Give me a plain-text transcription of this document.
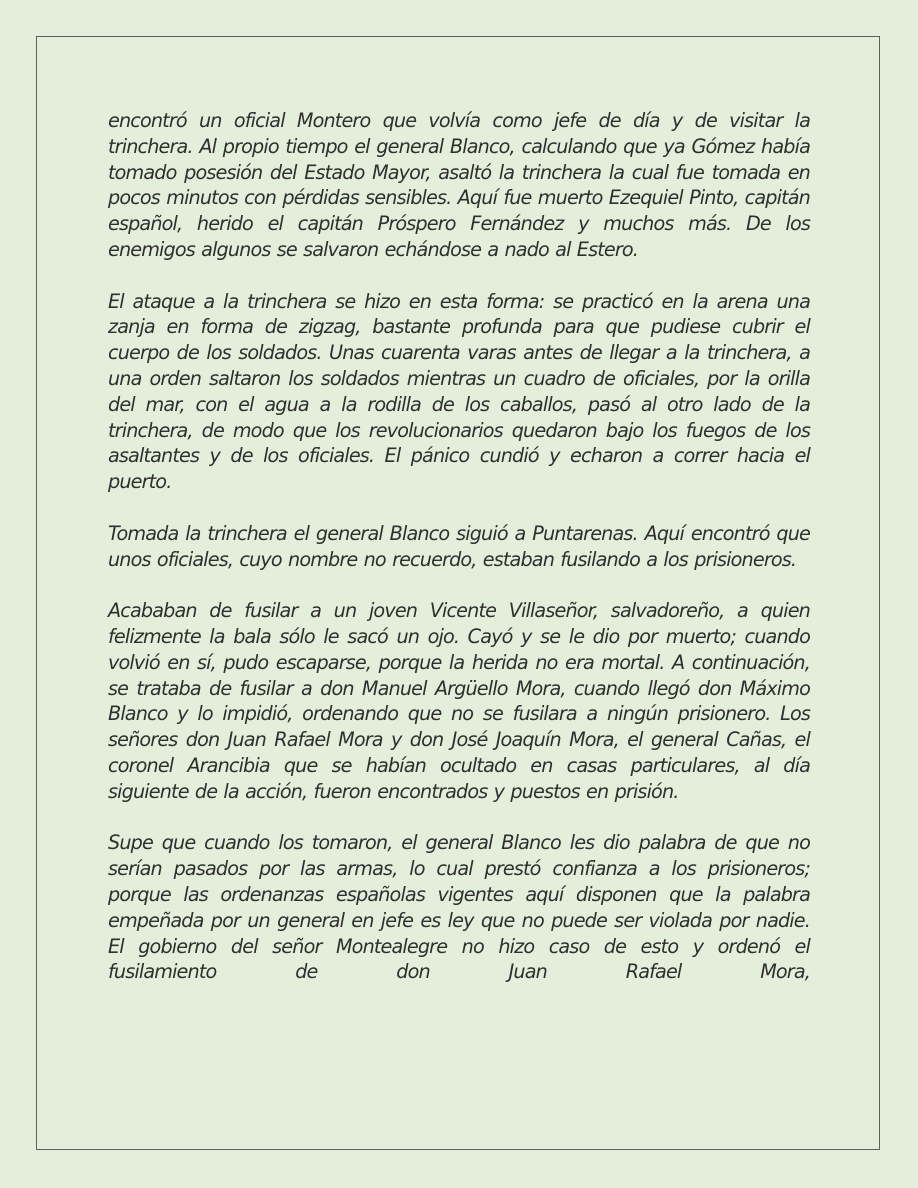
encontró un oficial Montero que volvía como jefe de día y de visitar la trinchera. Al propio tiempo el general Blanco, calculando que ya Gómez había tomado posesión del Estado Mayor, asaltó la trinchera la cual fue tomada en pocos minutos con pérdidas sensibles. Aquí fue muerto Ezequiel Pinto, capitán español, herido el capitán Próspero Fernández y muchos más. De los enemigos algunos se salvaron echándose a nado al Estero.

El ataque a la trinchera se hizo en esta forma: se practicó en la arena una zanja en forma de zigzag, bastante profunda para que pudiese cubrir el cuerpo de los soldados. Unas cuarenta varas antes de llegar a la trinchera, a una orden saltaron los soldados mientras un cuadro de oficiales, por la orilla del mar, con el agua a la rodilla de los caballos, pasó al otro lado de la trinchera, de modo que los revolucionarios quedaron bajo los fuegos de los asaltantes y de los oficiales. El pánico cundió y echaron a correr hacia el puerto.

Tomada la trinchera el general Blanco siguió a Puntarenas. Aquí encontró que unos oficiales, cuyo nombre no recuerdo, estaban fusilando a los prisioneros.

Acababan de fusilar a un joven Vicente Villaseñor, salvadoreño, a quien felizmente la bala sólo le sacó un ojo. Cayó y se le dio por muerto; cuando volvió en sí, pudo escaparse, porque la herida no era mortal. A continuación, se trataba de fusilar a don Manuel Argüello Mora, cuando llegó don Máximo Blanco y lo impidió, ordenando que no se fusilara a ningún prisionero. Los señores don Juan Rafael Mora y don José Joaquín Mora, el general Cañas, el coronel Arancibia que se habían ocultado en casas particulares, al día siguiente de la acción, fueron encontrados y puestos en prisión.

Supe que cuando los tomaron, el general Blanco les dio palabra de que no serían pasados por las armas, lo cual prestó confianza a los prisioneros; porque las ordenanzas españolas vigentes aquí disponen que la palabra empeñada por un general en jefe es ley que no puede ser violada por nadie. El gobierno del señor Montealegre no hizo caso de esto y ordenó el fusilamiento de don Juan Rafael Mora,
